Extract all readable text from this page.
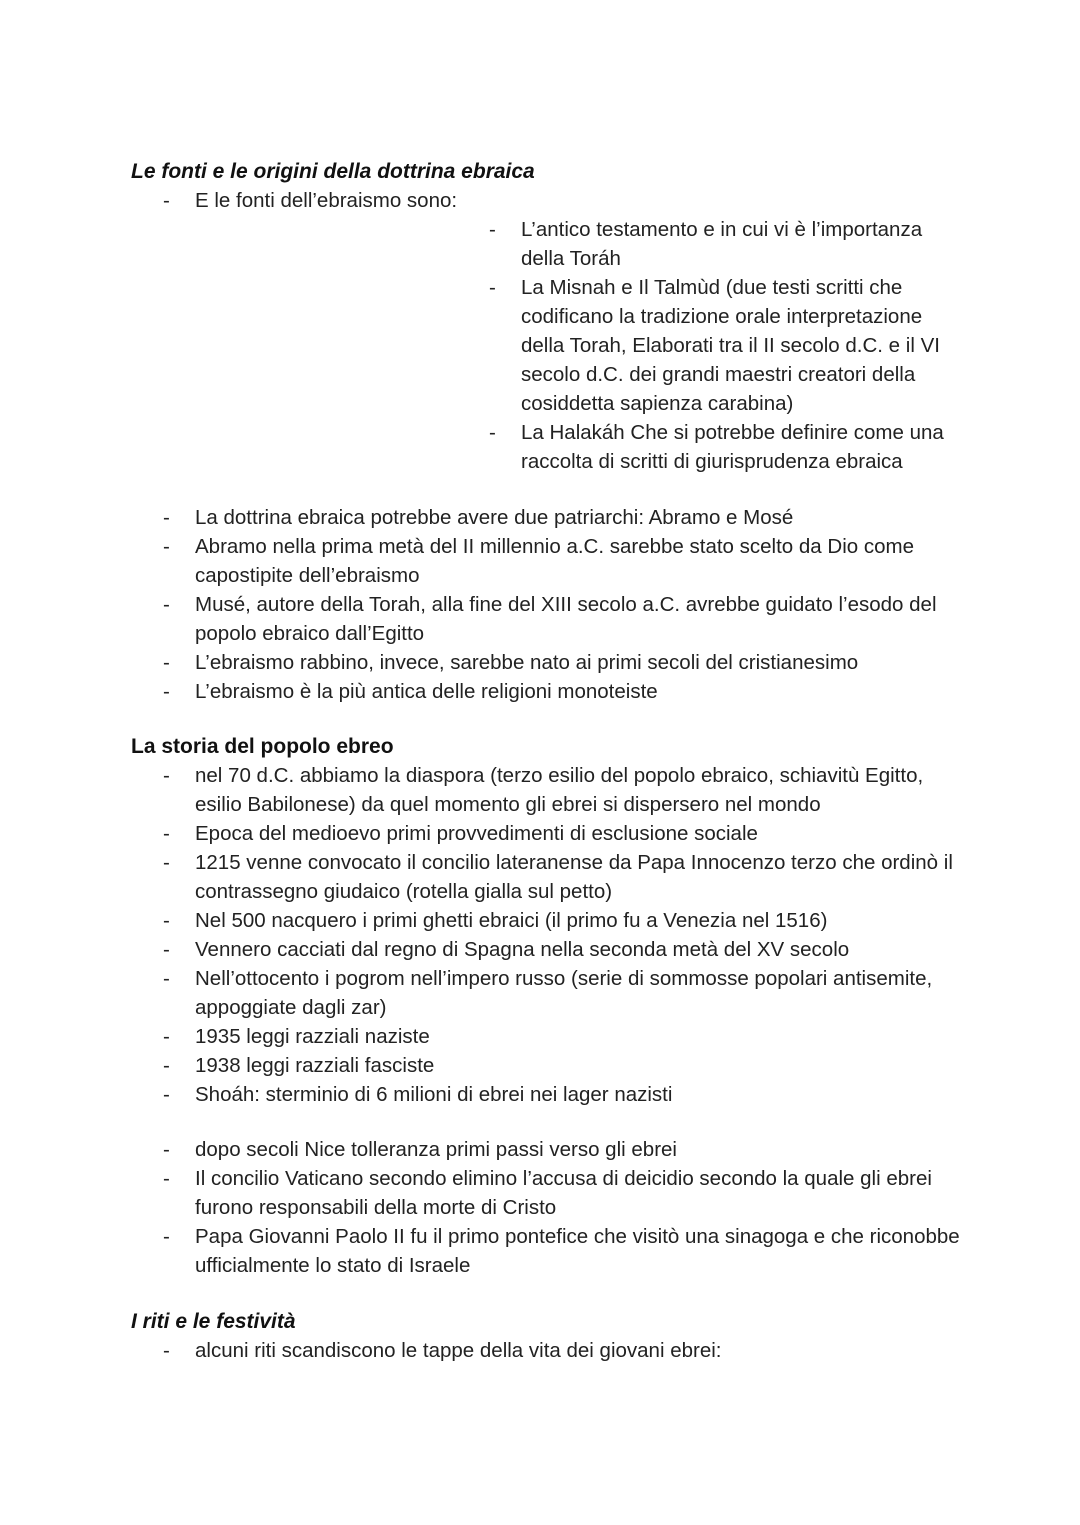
Le fonti e le origini della dottrina ebraica
- E le fonti dell’ebraismo sono:
- L’antico testamento e in cui vi è l’importanza della Toráh
- La Misnah e Il Talmùd (due testi scritti che codificano la tradizione orale interpretazione della Torah, Elaborati tra il II secolo d.C. e il VI secolo d.C. dei grandi maestri creatori della cosiddetta sapienza carabina)
- La Halakáh Che si potrebbe definire come una raccolta di scritti di giurisprudenza ebraica
- La dottrina ebraica potrebbe avere due patriarchi: Abramo e Mosé
- Abramo nella prima metà del II millennio a.C. sarebbe stato scelto da Dio come capostipite dell’ebraismo
- Musé, autore della Torah, alla fine del XIII secolo a.C. avrebbe guidato l’esodo del popolo ebraico dall’Egitto
- L’ebraismo rabbino, invece, sarebbe nato ai primi secoli del cristianesimo
- L’ebraismo è la più antica delle religioni monoteiste
La storia del popolo ebreo
- nel 70 d.C. abbiamo la diaspora (terzo esilio del popolo ebraico, schiavitù Egitto, esilio Babilonese) da quel momento gli ebrei si dispersero nel mondo
- Epoca del medioevo primi provvedimenti di esclusione sociale
- 1215 venne convocato il concilio lateranense da Papa Innocenzo terzo che ordinò il contrassegno giudaico (rotella gialla sul petto)
- Nel 500 nacquero i primi ghetti ebraici (il primo fu a Venezia nel 1516)
- Vennero cacciati dal regno di Spagna nella seconda metà del XV secolo
- Nell’ottocento i pogrom nell’impero russo (serie di sommosse popolari antisemite, appoggiate dagli zar)
- 1935 leggi razziali naziste
- 1938 leggi razziali fasciste
- Shoáh: sterminio di 6 milioni di ebrei nei lager nazisti
- dopo secoli Nice tolleranza primi passi verso gli ebrei
- Il concilio Vaticano secondo elimino l’accusa di deicidio secondo la quale gli ebrei furono responsabili della morte di Cristo
- Papa Giovanni Paolo II fu il primo pontefice che visitò una sinagoga e che riconobbe ufficialmente lo stato di Israele
I riti e le festività
- alcuni riti scandiscono le tappe della vita dei giovani ebrei:
